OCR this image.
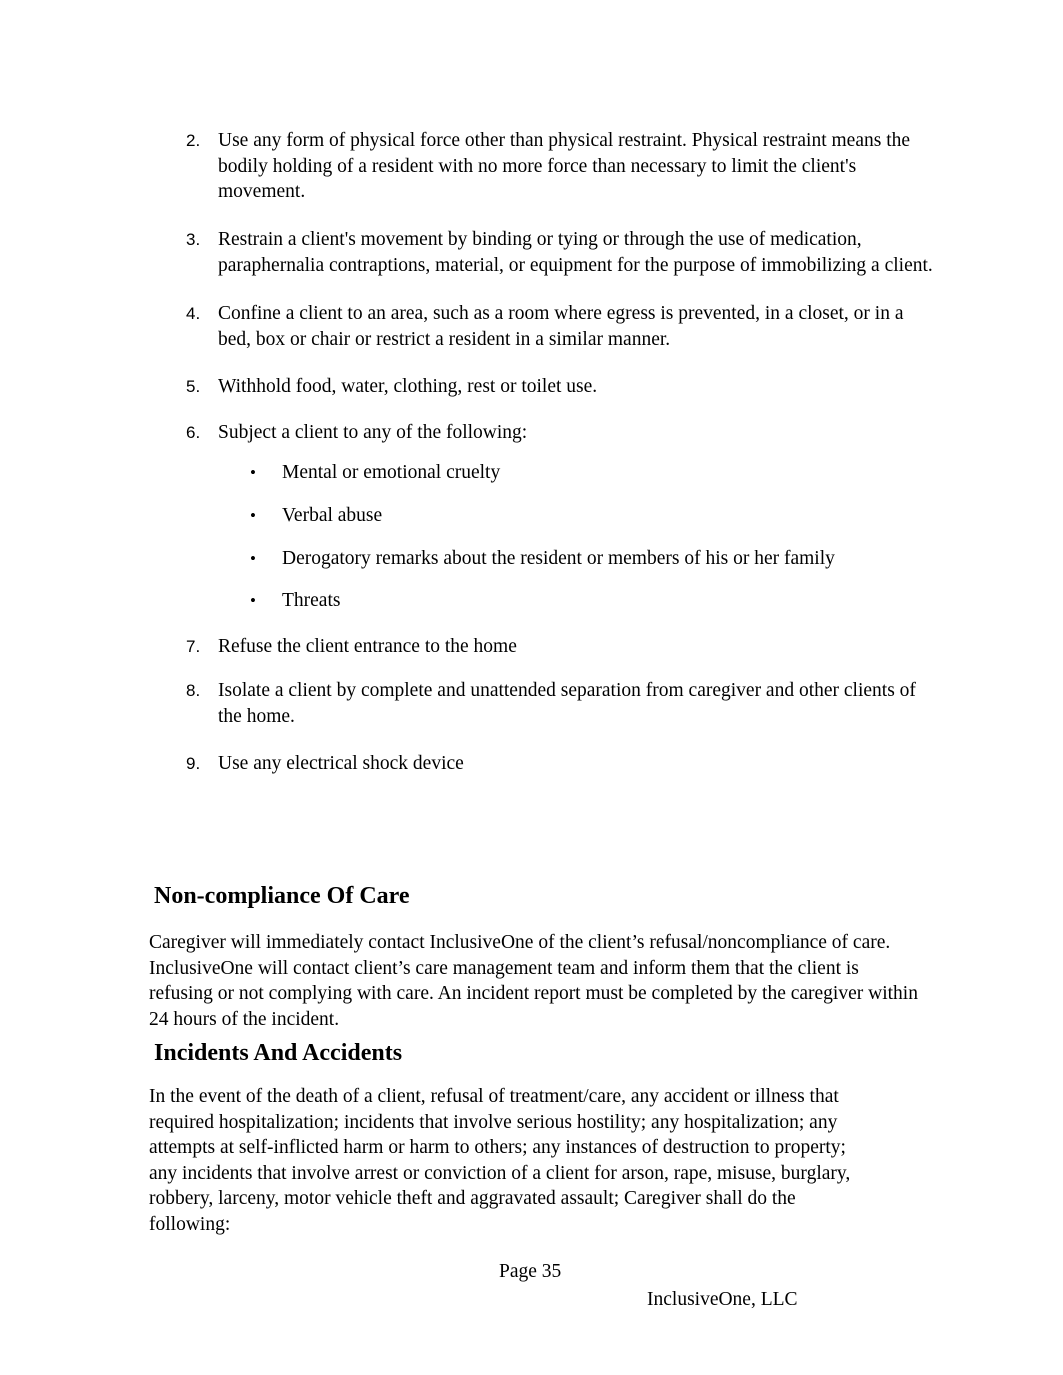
2. Use any form of physical force other than physical restraint. Physical restraint means the
bodily holding of a resident with no more force than necessary to limit the client's
movement.
3. Restrain a client's movement by binding or tying or through the use of medication,
paraphernalia contraptions, material, or equipment for the purpose of immobilizing a client.
4. Confine a client to an area, such as a room where egress is prevented, in a closet, or in a
bed, box or chair or restrict a resident in a similar manner.
5. Withhold food, water, clothing, rest or toilet use.
6. Subject a client to any of the following:
• Mental or emotional cruelty
• Verbal abuse
• Derogatory remarks about the resident or members of his or her family
• Threats
7. Refuse the client entrance to the home
8. Isolate a client by complete and unattended separation from caregiver and other clients of
the home.
9. Use any electrical shock device
Non-compliance Of Care
Caregiver will immediately contact InclusiveOne of the client’s refusal/noncompliance of care.
InclusiveOne will contact client’s care management team and inform them that the client is
refusing or not complying with care. An incident report must be completed by the caregiver within
24 hours of the incident.
Incidents And Accidents
In the event of the death of a client, refusal of treatment/care, any accident or illness that
required hospitalization; incidents that involve serious hostility; any hospitalization; any
attempts at self-inflicted harm or harm to others; any instances of destruction to property;
any incidents that involve arrest or conviction of a client for arson, rape, misuse, burglary,
robbery, larceny, motor vehicle theft and aggravated assault; Caregiver shall do the
following:
Page 35
InclusiveOne, LLC
